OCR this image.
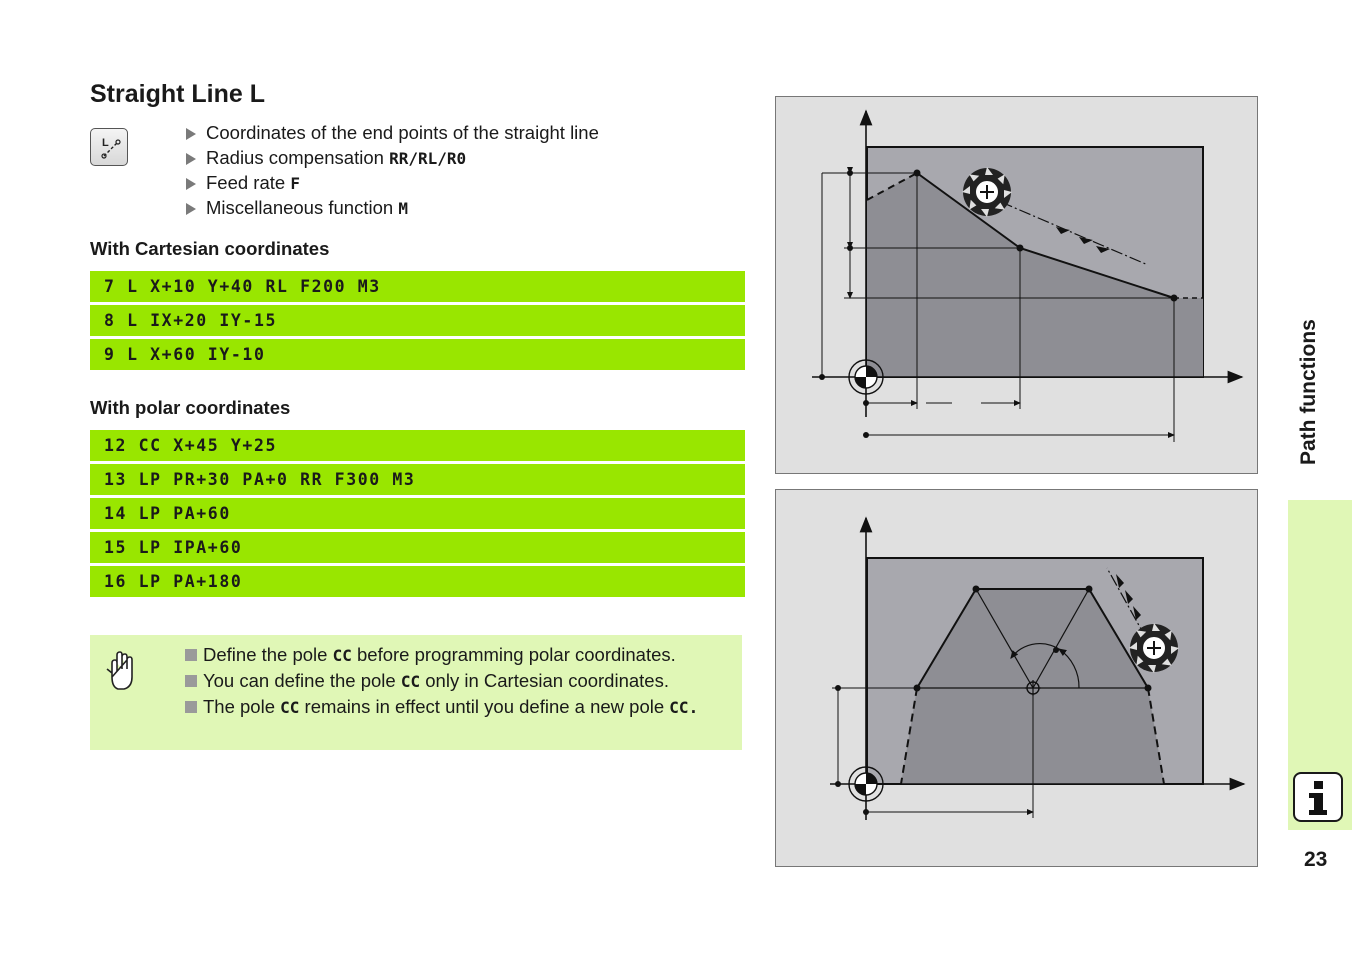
Straight Line L
L	Coordinates of the end points of the straight line
Radius compensation RR/RL/R0
Feed rate F
Miscellaneous function M
With Cartesian coordinates
7 L X+10 Y+40 RL F200 M3
8 L IX+20 IY-15
9 L X+60 IY-10
With polar coordinates
12 CC X+45 Y+25
13 LP PR+30 PA+0 RR F300 M3
14 LP PA+60
15 LP IPA+60
16 LP PA+180
Define the pole CC before programming polar coordinates.
You can define the pole CC only in Cartesian coordinates.
The pole CC remains in effect until you define a new pole CC.
Path functions
23
